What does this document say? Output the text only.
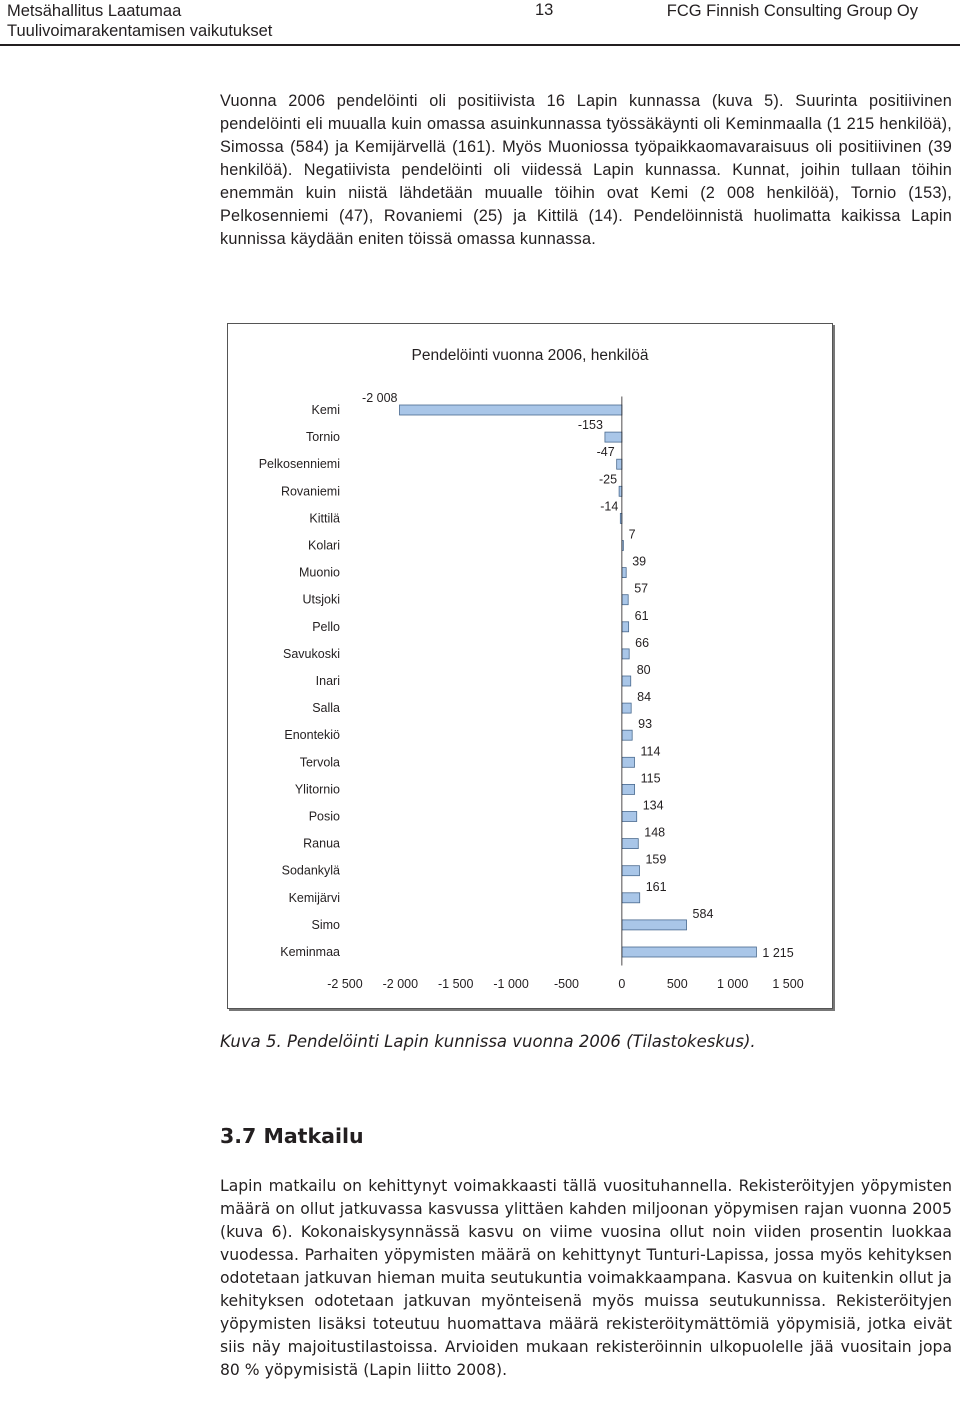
Metsähallitus Laatumaa
Tuulivoimarakentamisen vaikutukset
13	FCG Finnish Consulting Group Oy

Vuonna 2006 pendelöinti oli positiivista 16 Lapin kunnassa (kuva 5). Suurinta positiivinen pendelöinti eli muualla kuin omassa asuinkunnassa työssäkäynti oli Keminmaalla (1 215 henkilöä), Simossa (584) ja Kemijärvellä (161). Myös Muoniossa työpaikkaomavaraisuus oli positiivinen (39 henkilöä). Negatiivista pendelöinti oli viidessä Lapin kunnassa. Kunnat, joihin tullaan töihin enemmän kuin niistä lähdetään muualle töihin ovat Kemi (2 008 henkilöä), Tornio (153), Pelkosenniemi (47), Rovaniemi (25) ja Kittilä (14). Pendelöinnistä huolimatta kaikissa Lapin kunnissa käydään eniten töissä omassa kunnassa.

Pendelöinti vuonna 2006, henkilöä
Kemi
Tornio
Pelkosenniemi
Rovaniemi
Kittilä
Kolari
Muonio
Utsjoki
Pello
Savukoski
Inari
Salla
Enontekiö
Tervola
Ylitornio
Posio
Ranua
Sodankylä
Kemijärvi
Simo
Keminmaa
-2 008
-153
-47
-25
-14
7
39
57
61
66
80
84
93
114
115
134
148
159
161
584
1 215
-2 500 -2 000 -1 500 -1 000 -500	0	500 1 000 1 500
Kuva 5. Pendelöinti Lapin kunnissa vuonna 2006 (Tilastokeskus).
3.7 Matkailu

Lapin matkailu on kehittynyt voimakkaasti tällä vuosituhannella. Rekisteröityjen yöpymisten määrä on ollut jatkuvassa kasvussa ylittäen kahden miljoonan yöpymisen rajan vuonna 2005 (kuva 6). Kokonaiskysynnässä kasvu on viime vuosina ollut noin viiden prosentin luokkaa vuodessa. Parhaiten yöpymisten määrä on kehittynyt Tunturi-Lapissa, jossa myös kehityksen odotetaan jatkuvan hieman muita seutukuntia voimakkaampana. Kasvua on kuitenkin ollut ja kehityksen odotetaan jatkuvan myönteisenä myös muissa seutukunnissa. Rekisteröityjen yöpymisten lisäksi toteutuu huomattava määrä rekisteröitymättömiä yöpymisiä, jotka eivät siis näy majoitustilastoissa. Arvioiden mukaan rekisteröinnin ulkopuolelle jää vuositain jopa 80 % yöpymisistä (Lapin liitto 2008).
